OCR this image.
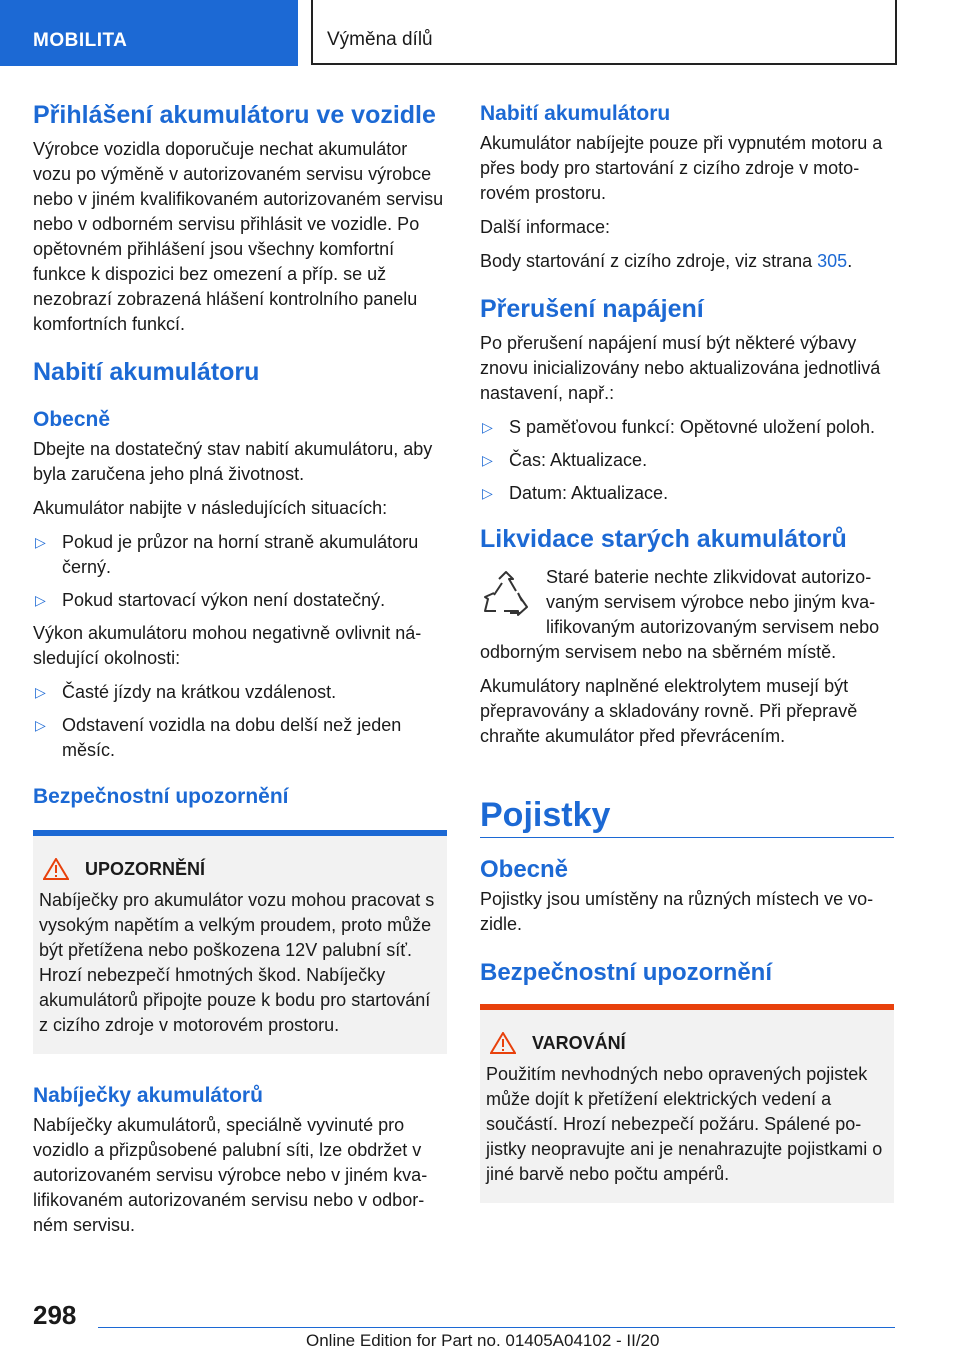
MOBILITA	Výměna dílů
Přihlášení akumulátoru ve vozidle

Výrobce vozidla doporučuje nechat akumulátor vozu po výměně v autorizovaném servisu výrobce nebo v jiném kvalifikovaném autorizovaném servisu nebo v odborném servisu přihlásit ve vozidle. Po opětovném přihlášení jsou všechny komfortní funkce k dispozici bez omezení a příp. se už nezobrazí zobrazená hlášení kontrolního panelu komfortních funkcí.

Nabití akumulátoru
Obecně

Dbejte na dostatečný stav nabití akumulátoru, aby byla zaručena jeho plná životnost.

Akumulátor nabijte v následujících situacích:

▷ Pokud je průzor na horní straně akumulátoru černý.
▷ Pokud startovací výkon není dostatečný.

Výkon akumulátoru mohou negativně ovlivnit následující okolnosti:

▷ Časté jízdy na krátkou vzdálenost.
▷ Odstavení vozidla na dobu delší než jeden měsíc.
Bezpečnostní upozornění
UPOZORNĚNÍ

Nabíječky pro akumulátor vozu mohou pracovat s vysokým napětím a velkým proudem, proto může být přetížena nebo poškozena 12V palubní síť. Hrozí nebezpečí hmotných škod. Nabíječky akumulátorů připojte pouze k bodu pro startování z cizího zdroje v motorovém prostoru.

Nabíječky akumulátorů

Nabíječky akumulátorů, speciálně vyvinuté pro vozidlo a přizpůsobené palubní síti, lze obdržet v autorizovaném servisu výrobce nebo v jiném kvalifikovaném autorizovaném servisu nebo v odborném servisu.

Nabití akumulátoru

Akumulátor nabíjejte pouze při vypnutém motoru a přes body pro startování z cizího zdroje v motorovém prostoru.

Další informace:

Body startování z cizího zdroje, viz strana 305.

Přerušení napájení

Po přerušení napájení musí být některé výbavy znovu inicializovány nebo aktualizována jednotlivá nastavení, např.:

▷ S paměťovou funkcí: Opětovné uložení poloh.
▷ Čas: Aktualizace.
▷ Datum: Aktualizace.
Likvidace starých akumulátorů

Staré baterie nechte zlikvidovat autorizovaným servisem výrobce nebo jiným kvalifikovaným autorizovaným servisem nebo odborným servisem nebo na sběrném místě.

Akumulátory naplněné elektrolytem musejí být přepravovány a skladovány rovně. Při přepravě chraňte akumulátor před převrácením.

Pojistky
Obecně

Pojistky jsou umístěny na různých místech ve vozidle.

Bezpečnostní upozornění
VAROVÁNÍ

Použitím nevhodných nebo opravených pojistek může dojít k přetížení elektrických vedení a součástí. Hrozí nebezpečí požáru. Spálené pojistky neopravujte ani je nenahrazujte pojistkami o jiné barvě nebo počtu ampérů.

298
Online Edition for Part no. 01405A04102 - II/20
